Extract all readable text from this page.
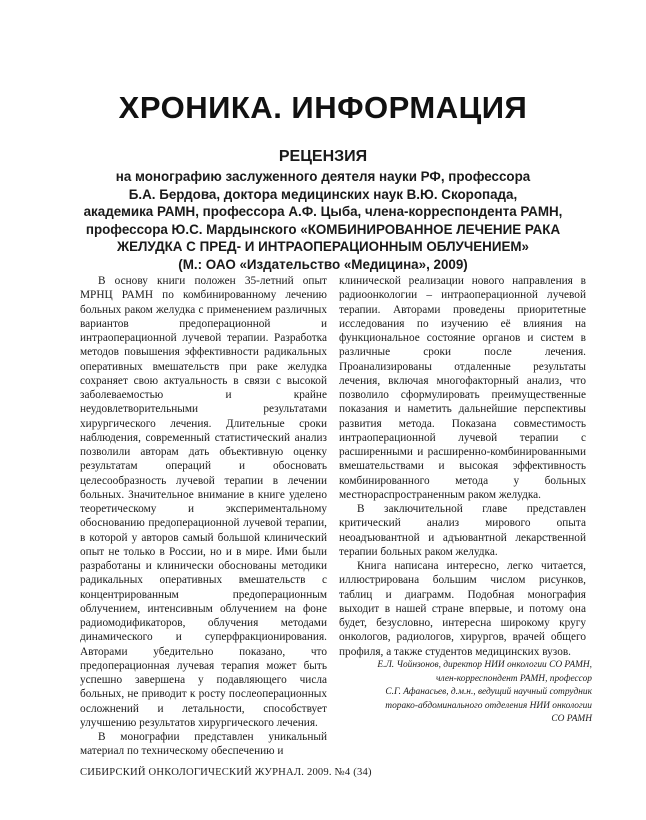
ХРОНИКА. ИНФОРМАЦИЯ
РЕЦЕНЗИЯ
на монографию заслуженного деятеля науки РФ, профессора
Б.А. Бердова, доктора медицинских наук В.Ю. Скоропада,
академика РАМН, профессора А.Ф. Цыба, члена-корреспондента РАМН,
профессора Ю.С. Мардынского «КОМБИНИРОВАННОЕ ЛЕЧЕНИЕ РАКА
ЖЕЛУДКА С ПРЕД- И ИНТРАОПЕРАЦИОННЫМ ОБЛУЧЕНИЕМ»
(М.: ОАО «Издательство «Медицина», 2009)

В основу книги положен 35-летний опыт МРНЦ РАМН по комбинированному лечению больных раком желудка с применением различных вариантов предоперационной и интраоперационной лучевой терапии. Разработка методов повышения эффективности радикальных оперативных вмешательств при раке желудка сохраняет свою актуальность в связи с высокой заболеваемостью и крайне неудовлетворительными результатами хирургического лечения. Длительные сроки наблюдения, современный статистический анализ позволили авторам дать объективную оценку результатам операций и обосновать целесообразность лучевой терапии в лечении больных. Значительное внимание в книге уделено теоретическому и экспериментальному обоснованию предоперационной лучевой терапии, в которой у авторов самый большой клинический опыт не только в России, но и в мире. Ими были разработаны и клинически обоснованы методики радикальных оперативных вмешательств с концентрированным предоперационным облучением, интенсивным облучением на фоне радиомодификаторов, облучения методами динамического и суперфракционирования. Авторами убедительно показано, что предоперационная лучевая терапия может быть успешно завершена у подавляющего числа больных, не приводит к росту послеоперационных осложнений и летальности, способствует улучшению результатов хирургического лечения.

В монографии представлен уникальный материал по техническому обеспечению и

клинической реализации нового направления в радиоонкологии – интраоперационной лучевой терапии. Авторами проведены приоритетные исследования по изучению её влияния на функциональное состояние органов и систем в различные сроки после лечения. Проанализированы отдаленные результаты лечения, включая многофакторный анализ, что позволило сформулировать преимущественные показания и наметить дальнейшие перспективы развития метода. Показана совместимость интраоперационной лучевой терапии с расширенными и расширенно-комбинированными вмешательствами и высокая эффективность комбинированного метода у больных местнораспространенным раком желудка.

В заключительной главе представлен критический анализ мирового опыта неоадъювантной и адъювантной лекарственной терапии больных раком желудка.

Книга написана интересно, легко читается, иллюстрирована большим числом рисунков, таблиц и диаграмм. Подобная монография выходит в нашей стране впервые, и потому она будет, безусловно, интересна широкому кругу онкологов, радиологов, хирургов, врачей общего профиля, а также студентов медицинских вузов.

Е.Л. Чойнзонов, директор НИИ онкологии СО РАМН,
член-корреспондент РАМН, профессор
С.Г. Афанасьев, д.м.н., ведущий научный сотрудник
торако-абдоминального отделения НИИ онкологии
СО РАМН
СИБИРСКИЙ ОНКОЛОГИЧЕСКИЙ ЖУРНАЛ. 2009. №4 (34)
